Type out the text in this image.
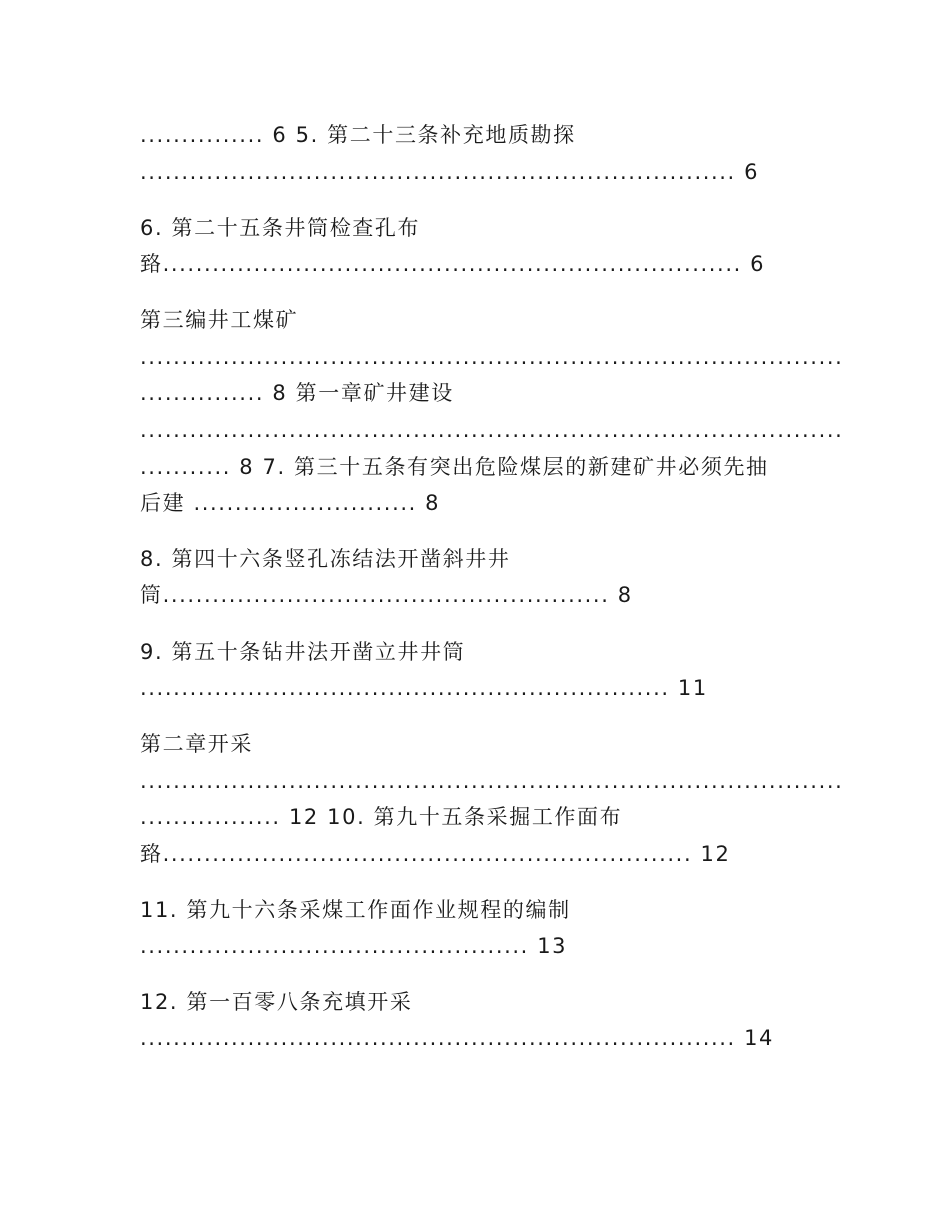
............... 6 5. 第二十三条补充地质勘探
........................................................................ 6
6. 第二十五条井筒检查孔布
臵...................................................................... 6
第三编井工煤矿
.....................................................................................
............... 8 第一章矿井建设
.....................................................................................
........... 8 7. 第三十五条有突出危险煤层的新建矿井必须先抽
后建 ........................... 8
8. 第四十六条竖孔冻结法开凿斜井井
筒...................................................... 8
9. 第五十条钻井法开凿立井井筒
................................................................ 11
第二章开采
.....................................................................................
................. 12 10. 第九十五条采掘工作面布
臵................................................................ 12
11. 第九十六条采煤工作面作业规程的编制
............................................... 13
12. 第一百零八条充填开采
........................................................................ 14
